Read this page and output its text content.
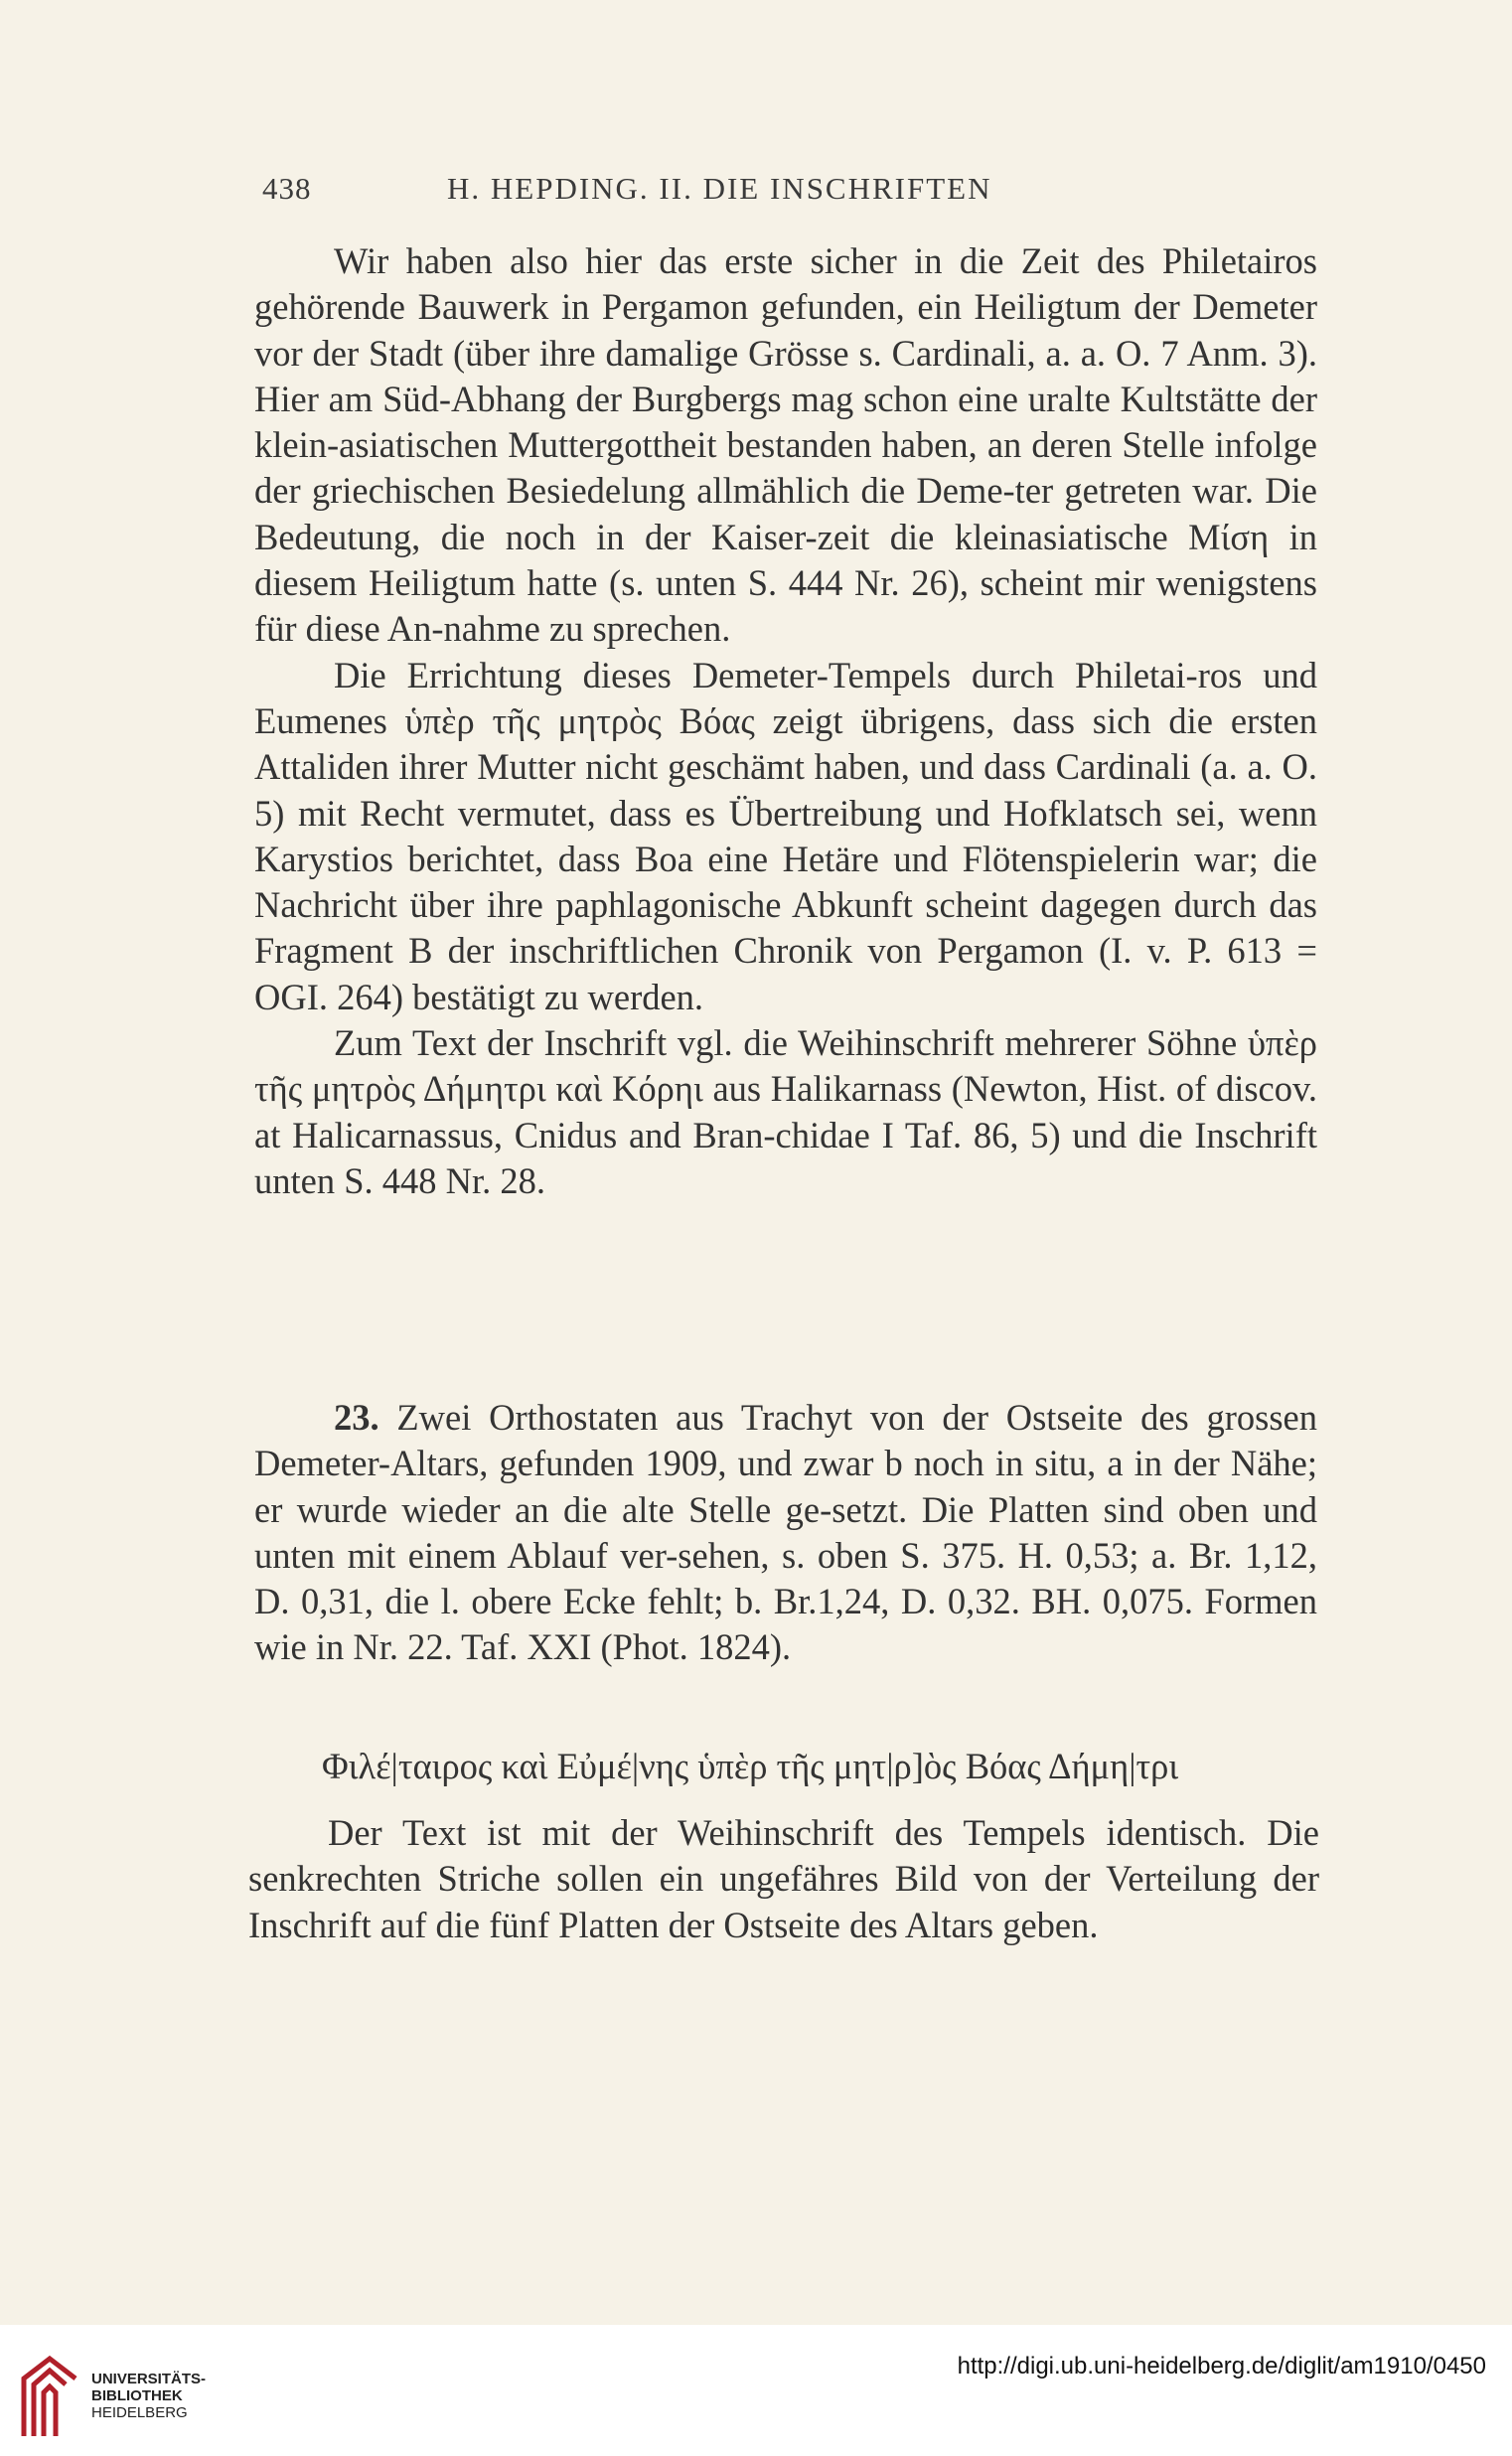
438	H. HEPDING. II. DIE INSCHRIFTEN

Wir haben also hier das erste sicher in die Zeit des Philetairos gehörende Bauwerk in Pergamon gefunden, ein Heiligtum der Demeter vor der Stadt (über ihre damalige Grösse s. Cardinali, a. a. O. 7 Anm. 3). Hier am Süd-Abhang der Burgbergs mag schon eine uralte Kultstätte der klein-asiatischen Muttergottheit bestanden haben, an deren Stelle infolge der griechischen Besiedelung allmählich die Deme-ter getreten war. Die Bedeutung, die noch in der Kaiser-zeit die kleinasiatische Μίση in diesem Heiligtum hatte (s. unten S. 444 Nr. 26), scheint mir wenigstens für diese An-nahme zu sprechen.

Die Errichtung dieses Demeter-Tempels durch Philetai-ros und Eumenes ὑπὲρ τῆς μητρὸς Βόας zeigt übrigens, dass sich die ersten Attaliden ihrer Mutter nicht geschämt haben, und dass Cardinali (a. a. O. 5) mit Recht vermutet, dass es Übertreibung und Hofklatsch sei, wenn Karystios berichtet, dass Boa eine Hetäre und Flötenspielerin war; die Nachricht über ihre paphlagonische Abkunft scheint dagegen durch das Fragment B der inschriftlichen Chronik von Pergamon (I. v. P. 613 = OGI. 264) bestätigt zu werden.

Zum Text der Inschrift vgl. die Weihinschrift mehrerer Söhne ὑπὲρ τῆς μητρὸς Δήμητρι καὶ Κόρηι aus Halikarnass (Newton, Hist. of discov. at Halicarnassus, Cnidus and Bran-chidae I Taf. 86, 5) und die Inschrift unten S. 448 Nr. 28.

23. Zwei Orthostaten aus Trachyt von der Ostseite des grossen Demeter-Altars, gefunden 1909, und zwar b noch in situ, a in der Nähe; er wurde wieder an die alte Stelle ge-setzt. Die Platten sind oben und unten mit einem Ablauf ver-sehen, s. oben S. 375. H. 0,53; a. Br. 1,12, D. 0,31, die l. obere Ecke fehlt; b. Br.1,24, D. 0,32. BH. 0,075. Formen wie in Nr. 22. Taf. XXI (Phot. 1824).

Φιλέ|ταιρος καὶ Εὐμέ|νης ὑπὲρ τῆς μητ|ρ]ὸς Βόας Δήμη|τρι

Der Text ist mit der Weihinschrift des Tempels identisch. Die senkrechten Striche sollen ein ungefähres Bild von der Verteilung der Inschrift auf die fünf Platten der Ostseite des Altars geben.

UNIVERSITÄTS-
BIBLIOTHEK
HEIDELBERG
http://digi.ub.uni-heidelberg.de/diglit/am1910/0450
